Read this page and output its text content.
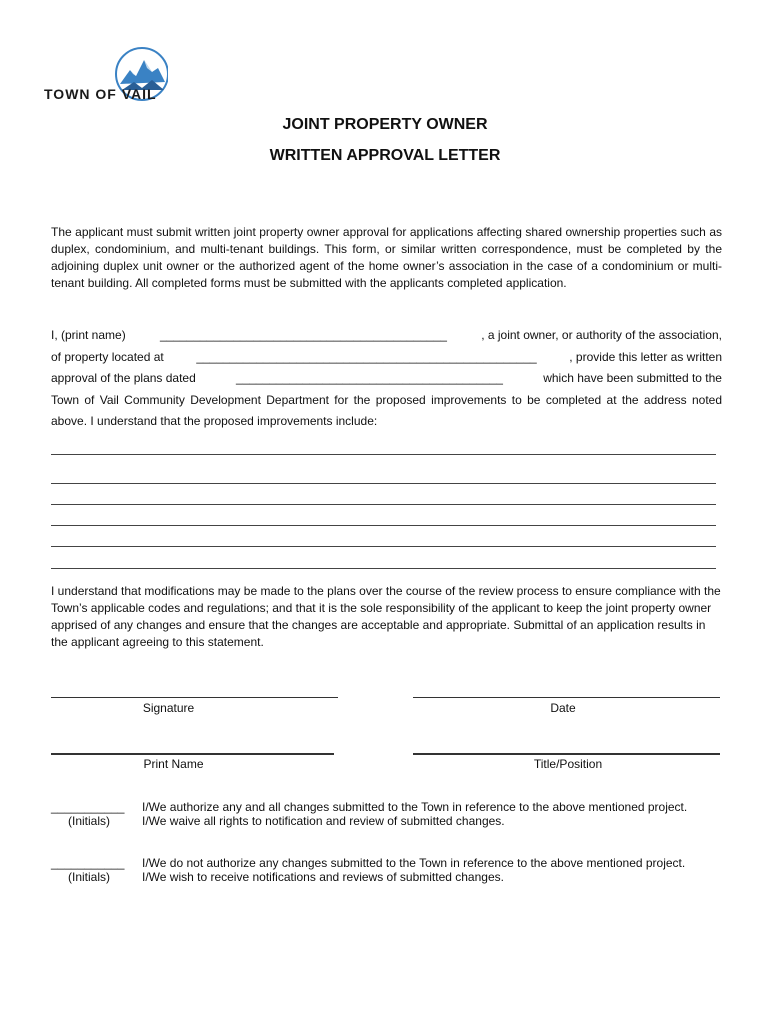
TOWN OF VAIL
JOINT PROPERTY OWNER
WRITTEN APPROVAL LETTER

The applicant must submit written joint property owner approval for applications affecting shared ownership properties such as duplex, condominium, and multi-tenant buildings. This form, or similar written correspondence, must be completed by the adjoining duplex unit owner or the authorized agent of the home owner’s association in the case of a condominium or multi-tenant building. All completed forms must be submitted with the applicants completed application.

I, (print name)	___________________________________________	, a joint owner, or authority of the association,
of property located at	___________________________________________________	, provide this letter as written
approval of the plans dated	________________________________________	which have been submitted to the

Town of Vail Community Development Department for the proposed improvements to be completed at the address noted above. I understand that the proposed improvements include:

I understand that modifications may be made to the plans over the course of the review process to ensure compliance with the Town’s applicable codes and regulations; and that it is the sole responsibility of the applicant to keep the joint property owner apprised of any changes and ensure that the changes are acceptable and appropriate. Submittal of an application results in the applicant agreeing to this statement.

Signature	Date
Print Name	Title/Position
___________
(Initials)
I/We authorize any and all changes submitted to the Town in reference to the above mentioned project.
I/We waive all rights to notification and review of submitted changes.
___________
(Initials)
I/We do not authorize any changes submitted to the Town in reference to the above mentioned project.
I/We wish to receive notifications and reviews of submitted changes.
